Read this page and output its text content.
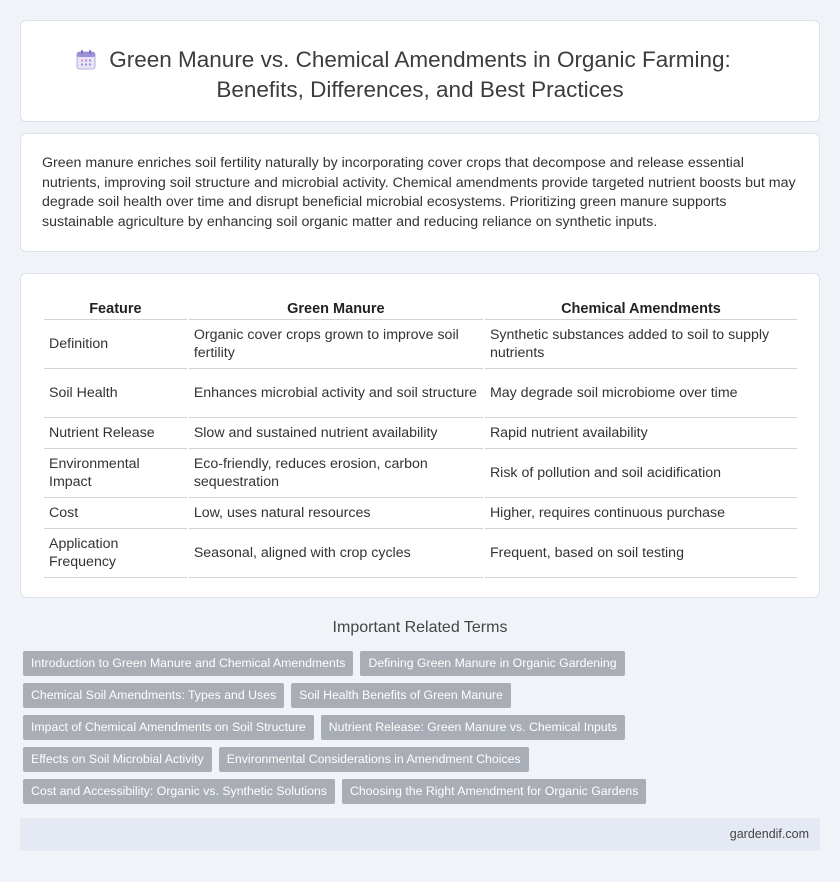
Green Manure vs. Chemical Amendments in Organic Farming: Benefits, Differences, and Best Practices

Green manure enriches soil fertility naturally by incorporating cover crops that decompose and release essential nutrients, improving soil structure and microbial activity. Chemical amendments provide targeted nutrient boosts but may degrade soil health over time and disrupt beneficial microbial ecosystems. Prioritizing green manure supports sustainable agriculture by enhancing soil organic matter and reducing reliance on synthetic inputs.

Feature	Green Manure	Chemical Amendments
Definition	Organic cover crops grown to improve soil fertility	Synthetic substances added to soil to supply nutrients
Soil Health	Enhances microbial activity and soil structure	May degrade soil microbiome over time
Nutrient Release	Slow and sustained nutrient availability	Rapid nutrient availability
Environmental Impact	Eco-friendly, reduces erosion, carbon sequestration	Risk of pollution and soil acidification
Cost	Low, uses natural resources	Higher, requires continuous purchase
Application Frequency	Seasonal, aligned with crop cycles	Frequent, based on soil testing
Important Related Terms
Introduction to Green Manure and Chemical Amendments	Defining Green Manure in Organic Gardening
Chemical Soil Amendments: Types and Uses	Soil Health Benefits of Green Manure
Impact of Chemical Amendments on Soil Structure	Nutrient Release: Green Manure vs. Chemical Inputs
Effects on Soil Microbial Activity	Environmental Considerations in Amendment Choices
Cost and Accessibility: Organic vs. Synthetic Solutions	Choosing the Right Amendment for Organic Gardens
gardendif.com
